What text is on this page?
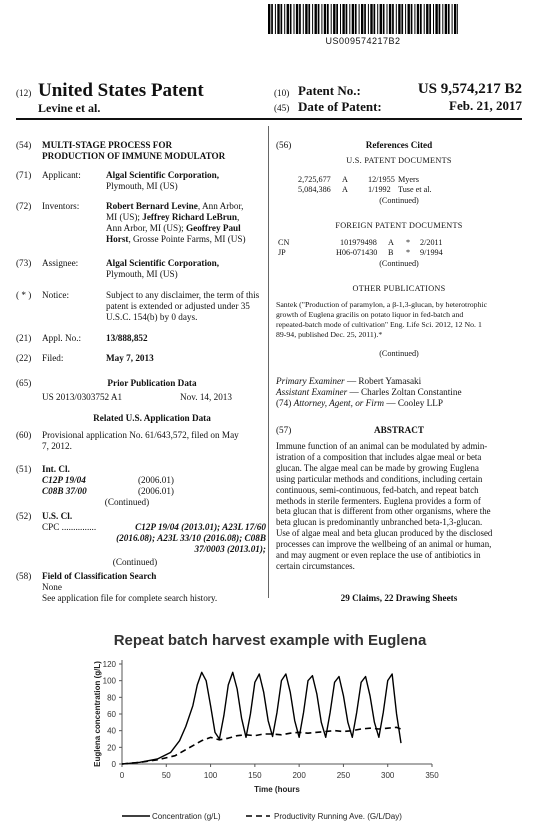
US009574217B2
(12) United States Patent
Levine et al.
(10) Patent No.:	US 9,574,217 B2
(45) Date of Patent:	Feb. 21, 2017
(54)	MULTI-STAGE PROCESS FOR
PRODUCTION OF IMMUNE MODULATOR
(71)	Applicant:	Algal Scientific Corporation,
Plymouth, MI (US)
(72)	Inventors:	Robert Bernard Levine, Ann Arbor,
MI (US); Jeffrey Richard LeBrun,
Ann Arbor, MI (US); Geoffrey Paul
Horst, Grosse Pointe Farms, MI (US)
(73)	Assignee:	Algal Scientific Corporation,
Plymouth, MI (US)
( * )	Notice:	Subject to any disclaimer, the term of this
patent is extended or adjusted under 35
U.S.C. 154(b) by 0 days.
(21)	Appl. No.:	13/888,852
(22)	Filed:	May 7, 2013
(65)	Prior Publication Data
US 2013/0303752 A1	Nov. 14, 2013
Related U.S. Application Data
(60)	Provisional application No. 61/643,572, filed on May
7, 2012.
(51)	Int. Cl.
C12P 19/04	(2006.01)
C08B 37/00	(2006.01)
(Continued)
(52)	U.S. Cl.
CPC ...............	C12P 19/04 (2013.01); A23L 17/60
(2016.08); A23L 33/10 (2016.08); C08B
37/0003 (2013.01);
(Continued)
(58)	Field of Classification Search
None
See application file for complete search history.
(56)	References Cited
U.S. PATENT DOCUMENTS
2,725,677 A 12/1955 Myers
5,084,386 A 1/1992 Tuse et al.
(Continued)
FOREIGN PATENT DOCUMENTS
CN	101979498 A * 2/2011
JP	H06-071430 B * 9/1994
(Continued)
OTHER PUBLICATIONS
Santek ("Production of paramylon, a β-1,3-glucan, by heterotrophic
growth of Euglena gracilis on potato liquor in fed-batch and
repeated-batch mode of cultivation" Eng. Life Sci. 2012, 12 No. 1
89-94, published Dec. 25, 2011).*
(Continued)
Primary Examiner — Robert Yamasaki
Assistant Examiner — Charles Zoltan Constantine
(74) Attorney, Agent, or Firm — Cooley LLP
(57)	ABSTRACT
Immune function of an animal can be modulated by admin-
istration of a composition that includes algae meal or beta
glucan. The algae meal can be made by growing Euglena
using particular methods and conditions, including certain
continuous, semi-continuous, fed-batch, and repeat batch
methods in sterile fermenters. Euglena provides a form of
beta glucan that is different from other organisms, where the
beta glucan is predominantly unbranched beta-1,3-glucan.
Use of algae meal and beta glucan produced by the disclosed
processes can improve the wellbeing of an animal or human,
and may augment or even replace the use of antibiotics in
certain circumstances.
29 Claims, 22 Drawing Sheets
Repeat batch harvest example with Euglena
0
20
40
60
80
100
120
0	50	100	150	200	250	300	350
Time (hours
Euglena concentration (g/L)
Concentration (g/L)	Productivity Running Ave. (G/L/Day)
